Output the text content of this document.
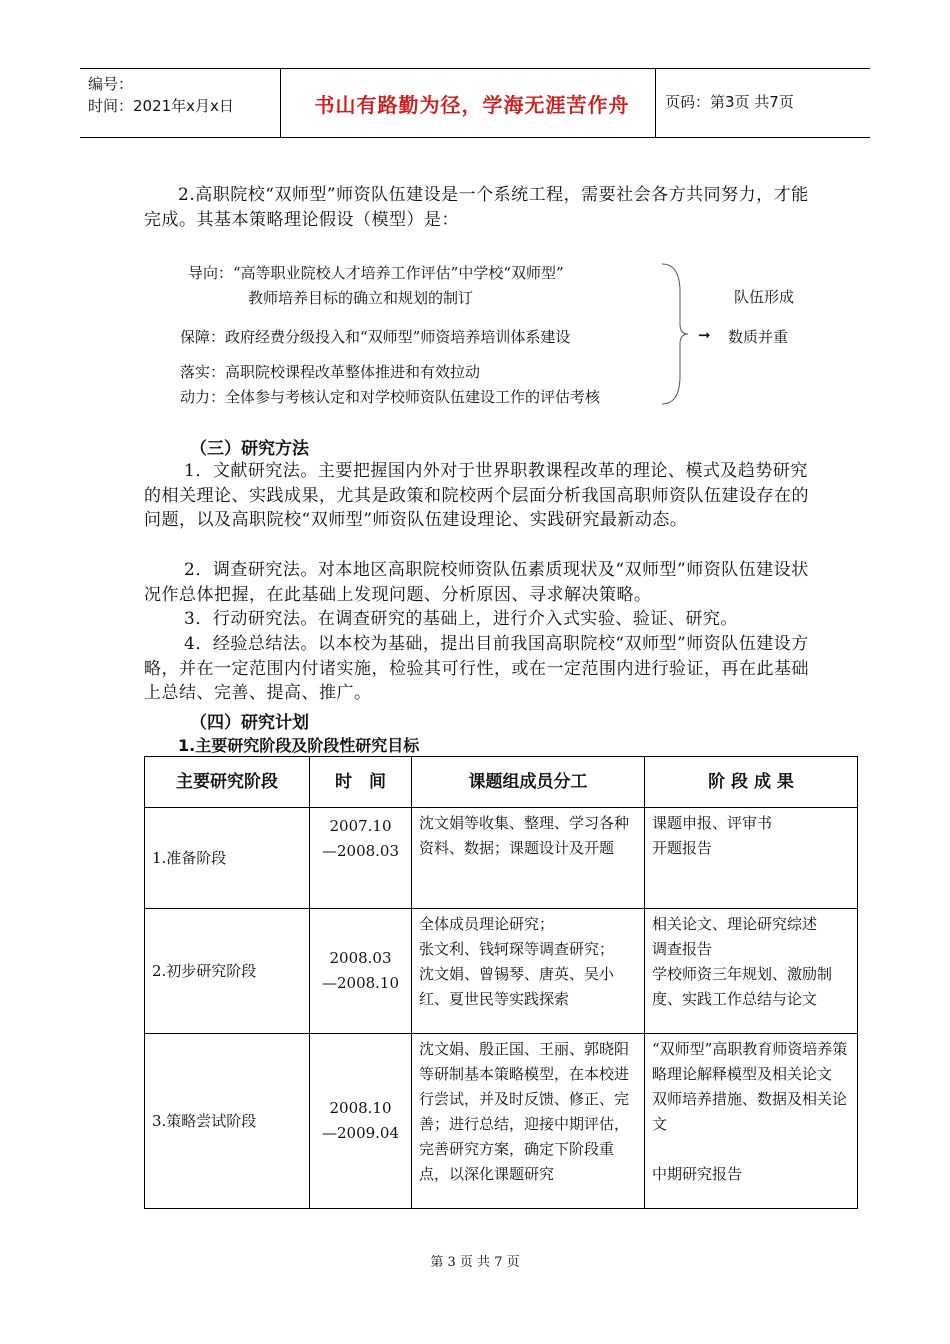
编号：
时间：2021年x月x日	书山有路勤为径，学海无涯苦作舟	页码：第3页 共7页
2.高职院校“双师型”师资队伍建设是一个系统工程，需要社会各方共同努力，才能完成。其基本策略理论假设（模型）是：
导向：“高等职业院校人才培养工作评估”中学校“双师型”
教师培养目标的确立和规划的制订
保障：政府经费分级投入和“双师型”师资培养培训体系建设
落实：高职院校课程改革整体推进和有效拉动
动力：全体参与考核认定和对学校师资队伍建设工作的评估考核
队伍形成
➞ 数质并重
（三）研究方法
1．文献研究法。主要把握国内外对于世界职教课程改革的理论、模式及趋势研究的相关理论、实践成果，尤其是政策和院校两个层面分析我国高职师资队伍建设存在的问题，以及高职院校“双师型”师资队伍建设理论、实践研究最新动态。
2．调查研究法。对本地区高职院校师资队伍素质现状及“双师型”师资队伍建设状况作总体把握，在此基础上发现问题、分析原因、寻求解决策略。
3．行动研究法。在调查研究的基础上，进行介入式实验、验证、研究。
4．经验总结法。以本校为基础，提出目前我国高职院校“双师型”师资队伍建设方略，并在一定范围内付诸实施，检验其可行性，或在一定范围内进行验证，再在此基础上总结、完善、提高、推广。
（四）研究计划
1.主要研究阶段及阶段性研究目标
主要研究阶段	时　间	课题组成员分工	阶 段 成 果
1.准备阶段	2007.10
—2008.03	沈文娟等收集、整理、学习各种资料、数据；课题设计及开题	课题申报、评审书
开题报告
2.初步研究阶段	2008.03
—2008.10	全体成员理论研究；
张文利、钱轲琛等调查研究；
沈文娟、曾锡琴、唐英、吴小红、夏世民等实践探索	相关论文、理论研究综述
调查报告
学校师资三年规划、激励制度、实践工作总结与论文
3.策略尝试阶段	2008.10
—2009.04	沈文娟、殷正国、王丽、郭晓阳等研制基本策略模型，在本校进行尝试，并及时反馈、修正、完善；进行总结，迎接中期评估，完善研究方案，确定下阶段重点，以深化课题研究	“双师型”高职教育师资培养策略理论解释模型及相关论文
双师培养措施、数据及相关论文

中期研究报告
第 3 页 共 7 页
